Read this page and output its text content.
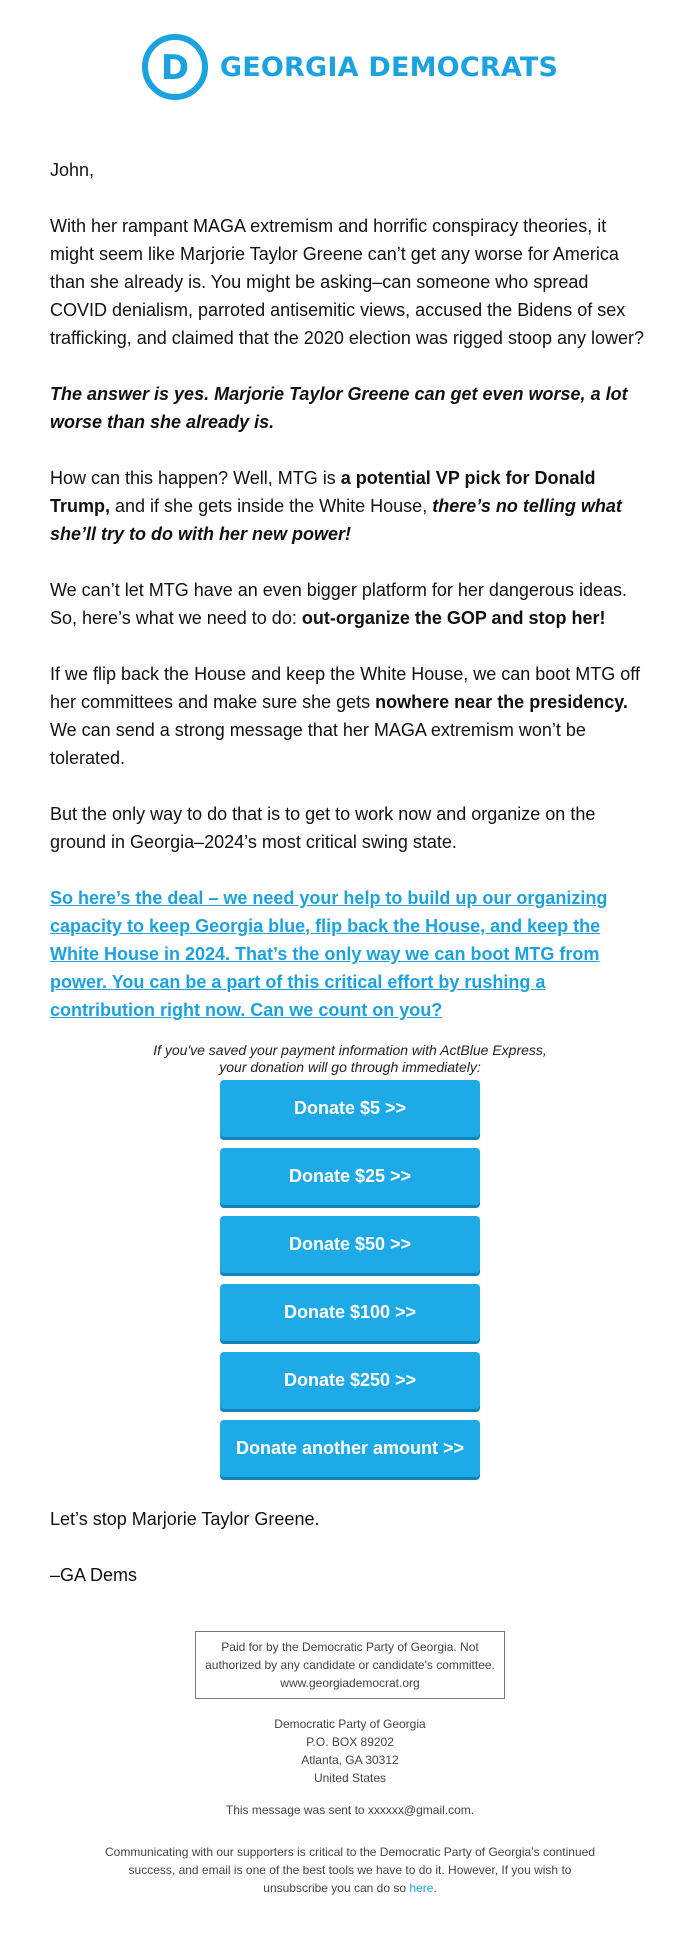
D GEORGIA DEMOCRATS

John,

With her rampant MAGA extremism and horrific conspiracy theories, it might seem like Marjorie Taylor Greene can’t get any worse for America than she already is. You might be asking–can someone who spread COVID denialism, parroted antisemitic views, accused the Bidens of sex trafficking, and claimed that the 2020 election was rigged stoop any lower?

The answer is yes. Marjorie Taylor Greene can get even worse, a lot worse than she already is.

How can this happen? Well, MTG is a potential VP pick for Donald Trump, and if she gets inside the White House, there’s no telling what she’ll try to do with her new power!

We can’t let MTG have an even bigger platform for her dangerous ideas. So, here’s what we need to do: out-organize the GOP and stop her!

If we flip back the House and keep the White House, we can boot MTG off her committees and make sure she gets nowhere near the presidency. We can send a strong message that her MAGA extremism won’t be tolerated.

But the only way to do that is to get to work now and organize on the ground in Georgia–2024’s most critical swing state.

So here’s the deal – we need your help to build up our organizing capacity to keep Georgia blue, flip back the House, and keep the White House in 2024. That’s the only way we can boot MTG from power. You can be a part of this critical effort by rushing a contribution right now. Can we count on you?
If you've saved your payment information with ActBlue Express,
your donation will go through immediately:
Donate $5 >>
Donate $25 >>
Donate $50 >>
Donate $100 >>
Donate $250 >>
Donate another amount >>

Let’s stop Marjorie Taylor Greene.

–GA Dems

Paid for by the Democratic Party of Georgia. Not
authorized by any candidate or candidate's committee.
www.georgiademocrat.org
Democratic Party of Georgia
P.O. BOX 89202
Atlanta, GA 30312
United States
This message was sent to xxxxxx@gmail.com.
Communicating with our supporters is critical to the Democratic Party of Georgia’s continued success, and email is one of the best tools we have to do it. However, If you wish to unsubscribe you can do so here.
